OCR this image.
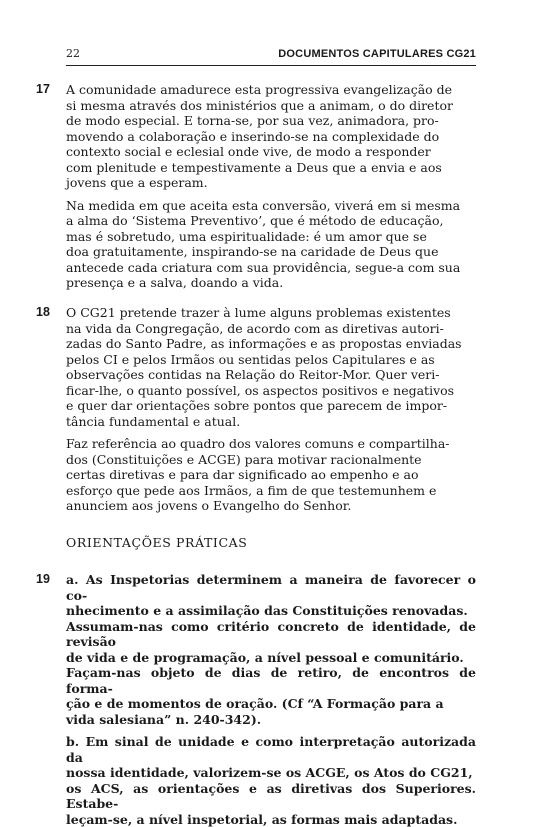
22	DOCUMENTOS CAPITULARES CG21
17 A comunidade amadurece esta progressiva evangelização de
si mesma através dos ministérios que a animam, o do diretor
de modo especial. E torna-se, por sua vez, animadora, pro-
movendo a colaboração e inserindo-se na complexidade do
contexto social e eclesial onde vive, de modo a responder
com plenitude e tempestivamente a Deus que a envia e aos
jovens que a esperam.

Na medida em que aceita esta conversão, viverá em si mesma
a alma do ‘Sistema Preventivo’, que é método de educação,
mas é sobretudo, uma espiritualidade: é um amor que se
doa gratuitamente, inspirando-se na caridade de Deus que
antecede cada criatura com sua providência, segue-a com sua
presença e a salva, doando a vida.

18 O CG21 pretende trazer à lume alguns problemas existentes
na vida da Congregação, de acordo com as diretivas autori-
zadas do Santo Padre, as informações e as propostas enviadas
pelos CI e pelos Irmãos ou sentidas pelos Capitulares e as
observações contidas na Relação do Reitor-Mor. Quer veri-
ficar-lhe, o quanto possível, os aspectos positivos e negativos
e quer dar orientações sobre pontos que parecem de impor-
tância fundamental e atual.

Faz referência ao quadro dos valores comuns e compartilha-
dos (Constituições e ACGE) para motivar racionalmente
certas diretivas e para dar significado ao empenho e ao
esforço que pede aos Irmãos, a fim de que testemunhem e
anunciem aos jovens o Evangelho do Senhor.

ORIENTAÇÕES PRÁTICAS
19 a. As Inspetorias determinem a maneira de favorecer o co-
nhecimento e a assimilação das Constituições renovadas.
Assumam-nas como critério concreto de identidade, de revisão
de vida e de programação, a nível pessoal e comunitário.
Façam-nas objeto de dias de retiro, de encontros de forma-
ção e de momentos de oração. (Cf “A Formação para a
vida salesiana” n. 240-342).

b. Em sinal de unidade e como interpretação autorizada da
nossa identidade, valorizem-se os ACGE, os Atos do CG21,
os ACS, as orientações e as diretivas dos Superiores. Estabe-
leçam-se, a nível inspetorial, as formas mais adaptadas.
